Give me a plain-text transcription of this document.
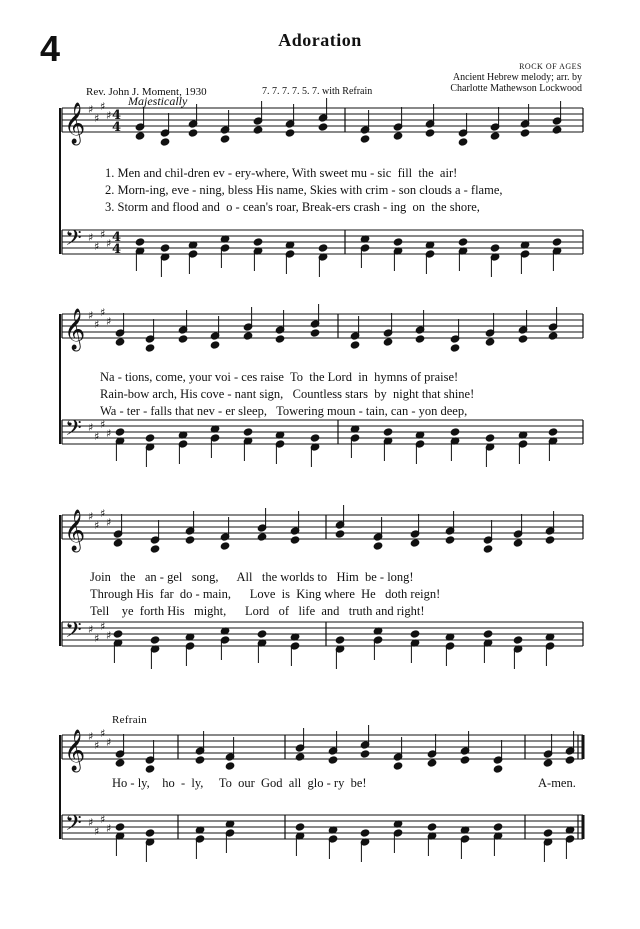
4	Adoration
Rev. John J. Moment, 1930	7. 7. 7. 7. 5. 7. with Refrain
ROCK OF AGES
Ancient Hebrew melody; arr. by
Charlotte Mathewson Lockwood
Majestically
Refrain
1. Men and chil-dren ev - ery-where, With sweet mu - sic  fill  the  air!
2. Morn-ing, eve - ning, bless His name, Skies with crim - son clouds a - flame,
3. Storm and flood and  o - cean's roar, Break-ers crash - ing  on  the shore,
Na - tions, come, your voi - ces raise  To  the Lord  in  hymns of praise!
Rain-bow arch, His cove - nant sign,   Countless stars  by  night that shine!
Wa - ter - falls that nev - er sleep,   Towering moun - tain, can - yon deep,
Join   the   an - gel   song,      All   the worlds to   Him  be - long!
Through His  far  do - main,      Love  is  King where  He   doth reign!
Tell    ye  forth His   might,      Lord   of   life  and   truth and right!
Ho - ly,    ho  -  ly,     To  our  God  all  glo - ry  be!	A-men.
𝄞
𝄢
𝄞
𝄢
𝄞
𝄢
𝄞
𝄢
♯
♯
♯
♯
♯
♯
♯
♯
♯
♯
♯
♯
♯
♯
♯
♯
♯
♯
♯
♯
♯
♯
♯
♯
♯
♯
♯
♯
♯
♯
♯
♯
4
4
4
4
